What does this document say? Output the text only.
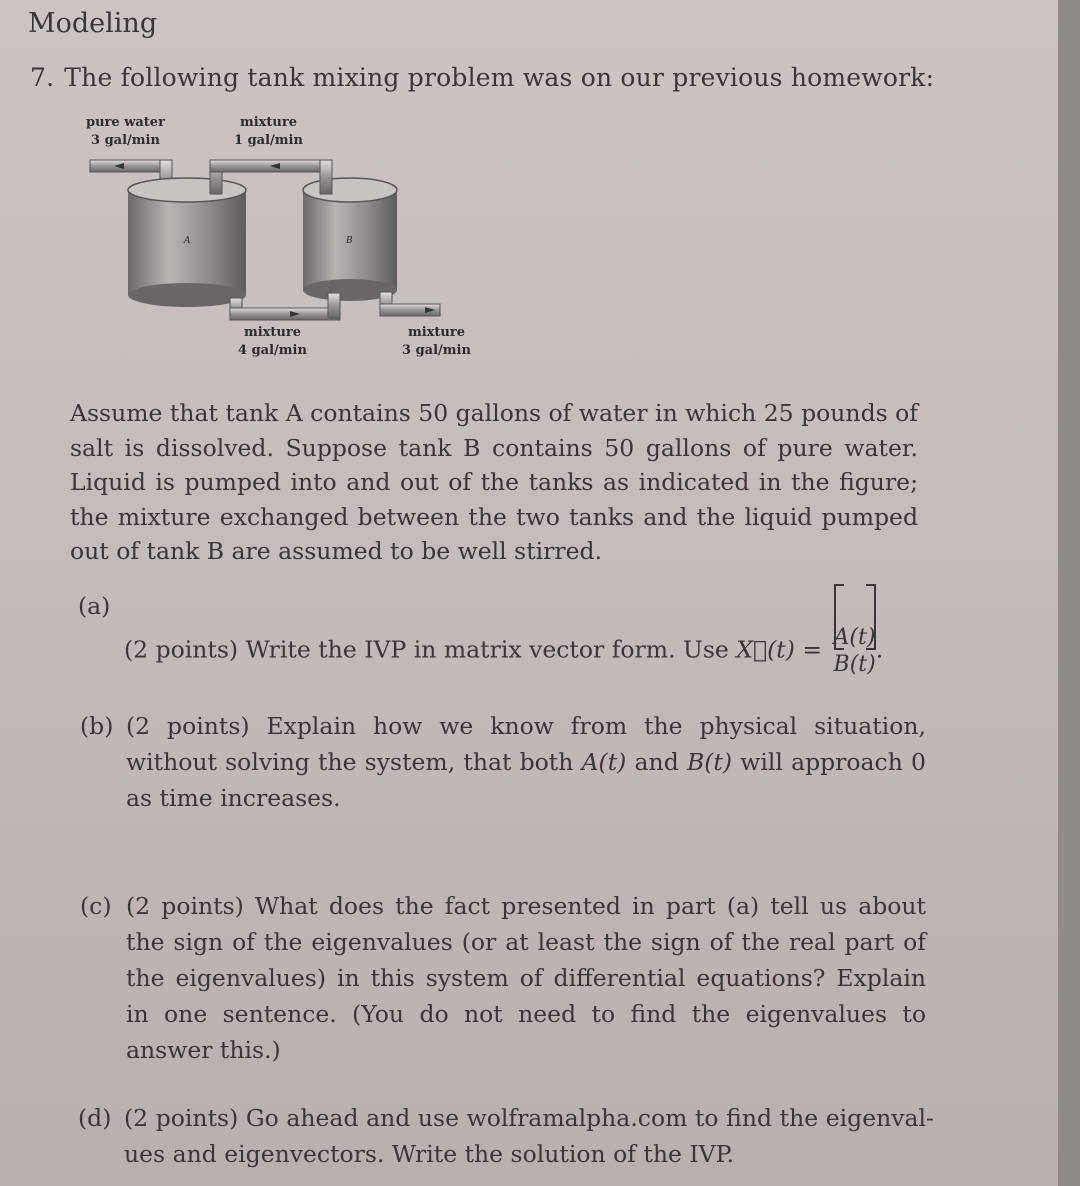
Modeling
7. The following tank mixing problem was on our previous homework:
A	B
pure water
3 gal/min
mixture
1 gal/min
mixture
4 gal/min
mixture
3 gal/min
Assume that tank A contains 50 gallons of water in which 25 pounds of salt is dissolved. Suppose tank B contains 50 gallons of pure water. Liquid is pumped into and out of the tanks as indicated in the figure; the mixture exchanged between the two tanks and the liquid pumped out of tank B are assumed to be well stirred.
(a)
(2 points) Write the IVP in matrix vector form. Use X⃗(t) = A(t)
B(t)
.
(b) (2 points) Explain how we know from the physical situation, without solving the system, that both A(t) and B(t) will approach 0 as time increases.
(c) (2 points) What does the fact presented in part (a) tell us about the sign of the eigenvalues (or at least the sign of the real part of the eigenvalues) in this system of differential equations? Explain in one sentence. (You do not need to find the eigenvalues to answer this.)
(d) (2 points) Go ahead and use wolframalpha.com to find the eigenval- ues and eigenvectors. Write the solution of the IVP.
